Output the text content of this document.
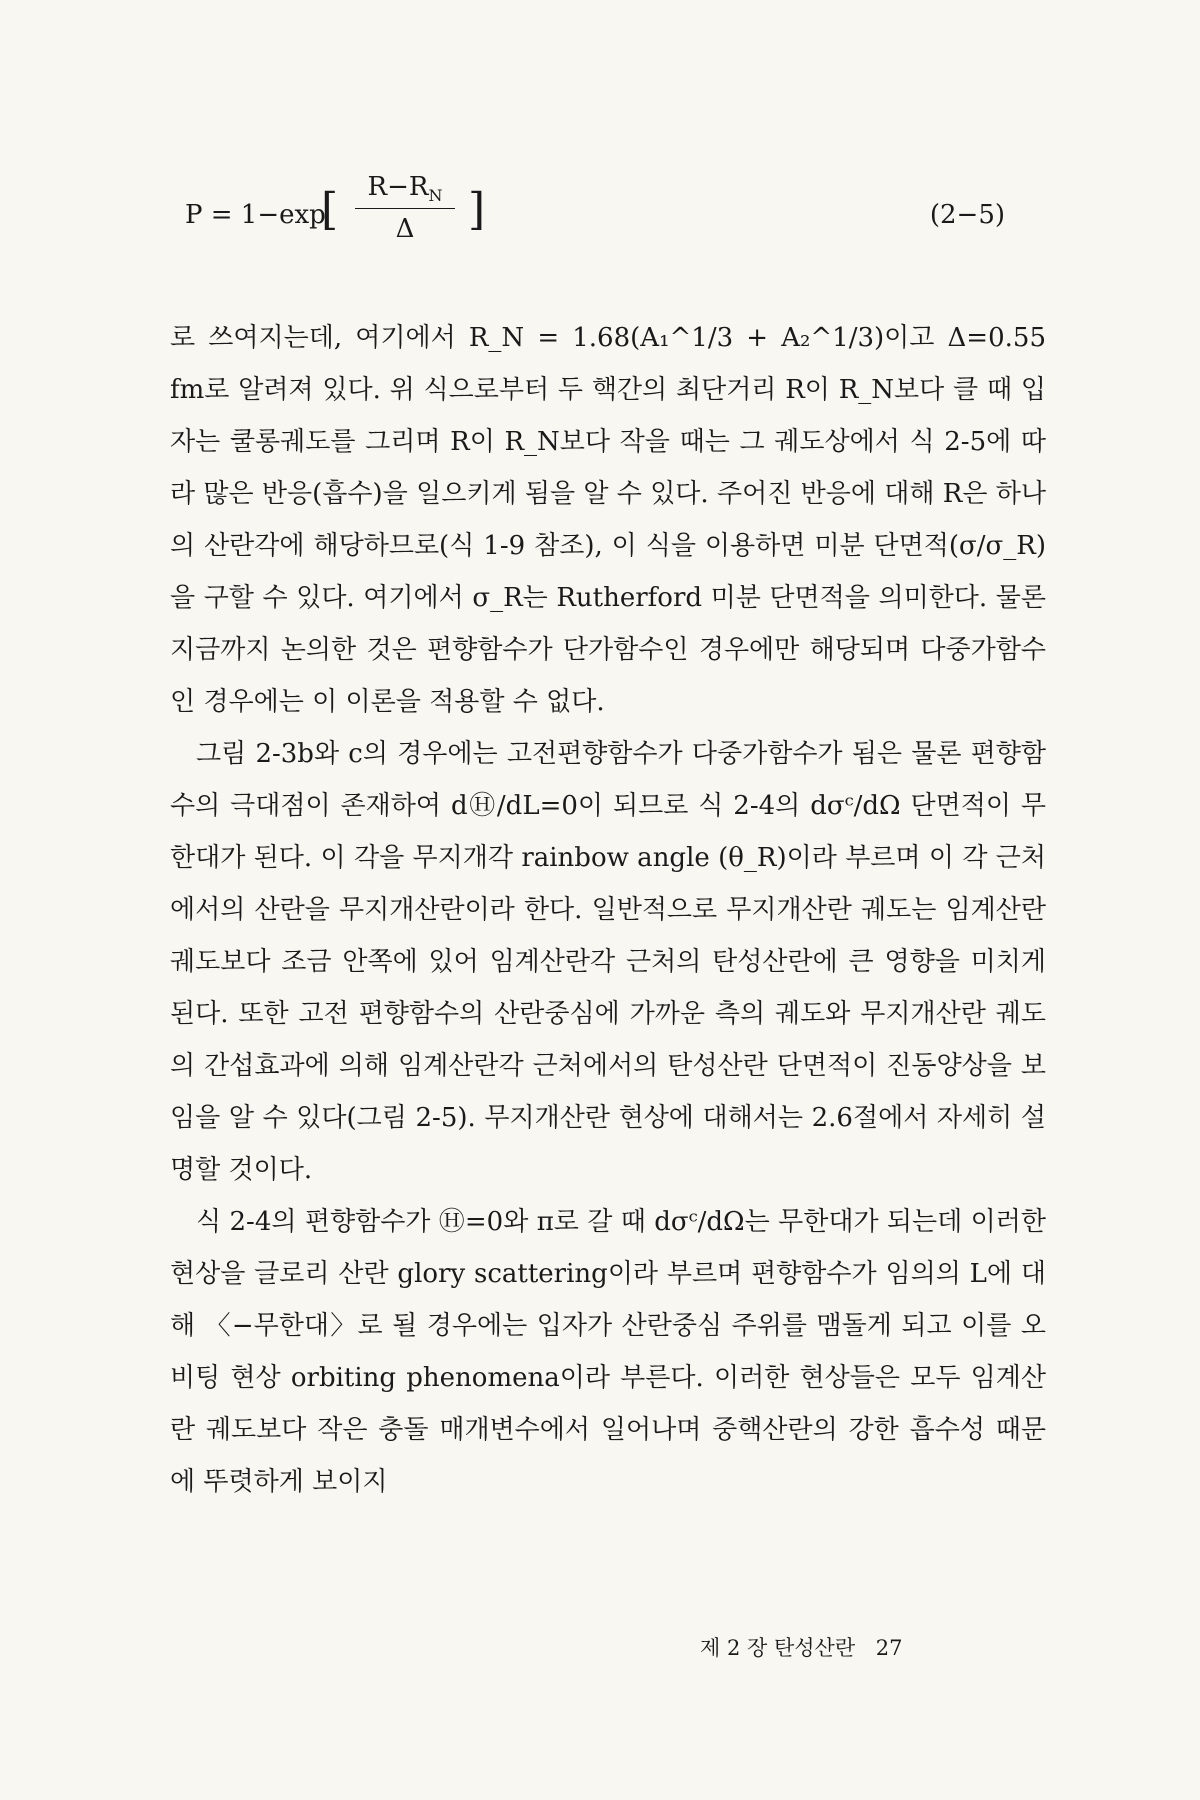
P = 1−exp
[	$R-R_N$
Δ	]	(2−5)

로 쓰여지는데, 여기에서 R_N = 1.68(A₁^1/3 + A₂^1/3)이고 Δ=0.55 fm로 알려져 있다. 위 식으로부터 두 핵간의 최단거리 R이 R_N보다 클 때 입자는 쿨롱궤도를 그리며 R이 R_N보다 작을 때는 그 궤도상에서 식 2-5에 따라 많은 반응(흡수)을 일으키게 됨을 알 수 있다. 주어진 반응에 대해 R은 하나의 산란각에 해당하므로(식 1-9 참조), 이 식을 이용하면 미분 단면적(σ/σ_R)을 구할 수 있다. 여기에서 σ_R는 Rutherford 미분 단면적을 의미한다. 물론 지금까지 논의한 것은 편향함수가 단가함수인 경우에만 해당되며 다중가함수인 경우에는 이 이론을 적용할 수 없다.

그림 2-3b와 c의 경우에는 고전편향함수가 다중가함수가 됨은 물론 편향함수의 극대점이 존재하여 dⒽ/dL=0이 되므로 식 2-4의 dσᶜ/dΩ 단면적이 무한대가 된다. 이 각을 무지개각 rainbow angle (θ_R)이라 부르며 이 각 근처에서의 산란을 무지개산란이라 한다. 일반적으로 무지개산란 궤도는 임계산란 궤도보다 조금 안쪽에 있어 임계산란각 근처의 탄성산란에 큰 영향을 미치게 된다. 또한 고전 편향함수의 산란중심에 가까운 측의 궤도와 무지개산란 궤도의 간섭효과에 의해 임계산란각 근처에서의 탄성산란 단면적이 진동양상을 보임을 알 수 있다(그림 2-5). 무지개산란 현상에 대해서는 2.6절에서 자세히 설명할 것이다.

식 2-4의 편향함수가 Ⓗ=0와 π로 갈 때 dσᶜ/dΩ는 무한대가 되는데 이러한 현상을 글로리 산란 glory scattering이라 부르며 편향함수가 임의의 L에 대해 〈−무한대〉로 될 경우에는 입자가 산란중심 주위를 맴돌게 되고 이를 오비팅 현상 orbiting phenomena이라 부른다. 이러한 현상들은 모두 임계산란 궤도보다 작은 충돌 매개변수에서 일어나며 중핵산란의 강한 흡수성 때문에 뚜렷하게 보이지

제 2 장 탄성산란 27
